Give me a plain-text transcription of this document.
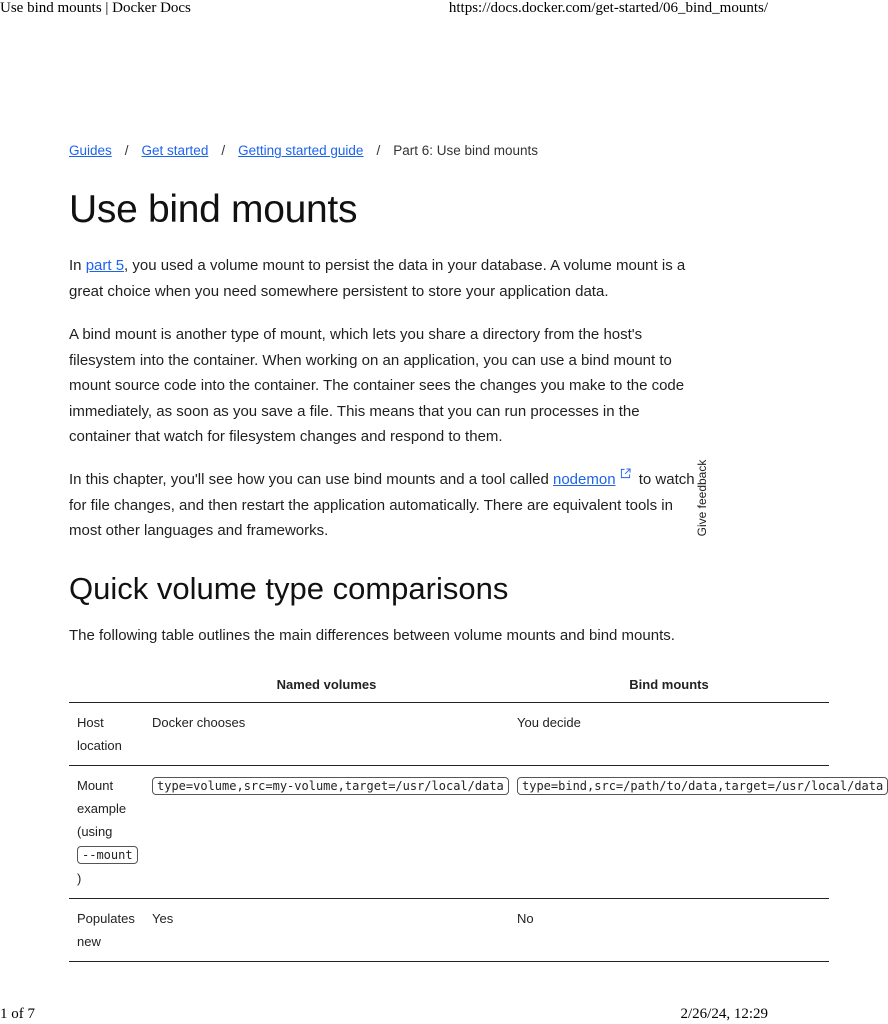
Use bind mounts | Docker Docs	https://docs.docker.com/get-started/06_bind_mounts/
Guides / Get started / Getting started guide / Part 6: Use bind mounts
Use bind mounts

In part 5, you used a volume mount to persist the data in your database. A volume mount is a great choice when you need somewhere persistent to store your application data.

A bind mount is another type of mount, which lets you share a directory from the host's filesystem into the container. When working on an application, you can use a bind mount to mount source code into the container. The container sees the changes you make to the code immediately, as soon as you save a file. This means that you can run processes in the container that watch for filesystem changes and respond to them.

In this chapter, you'll see how you can use bind mounts and a tool called nodemon to watch for file changes, and then restart the application automatically. There are equivalent tools in most other languages and frameworks.

Quick volume type comparisons

The following table outlines the main differences between volume mounts and bind mounts.

	Named volumes	Bind mounts
Host location	Docker chooses	You decide
Mount example (using
--mount
)	type=volume,src=my-volume,target=/usr/local/data	type=bind,src=/path/to/data,target=/usr/local/data
Populates new	Yes	No
Give feedback
1 of 7	2/26/24, 12:29
